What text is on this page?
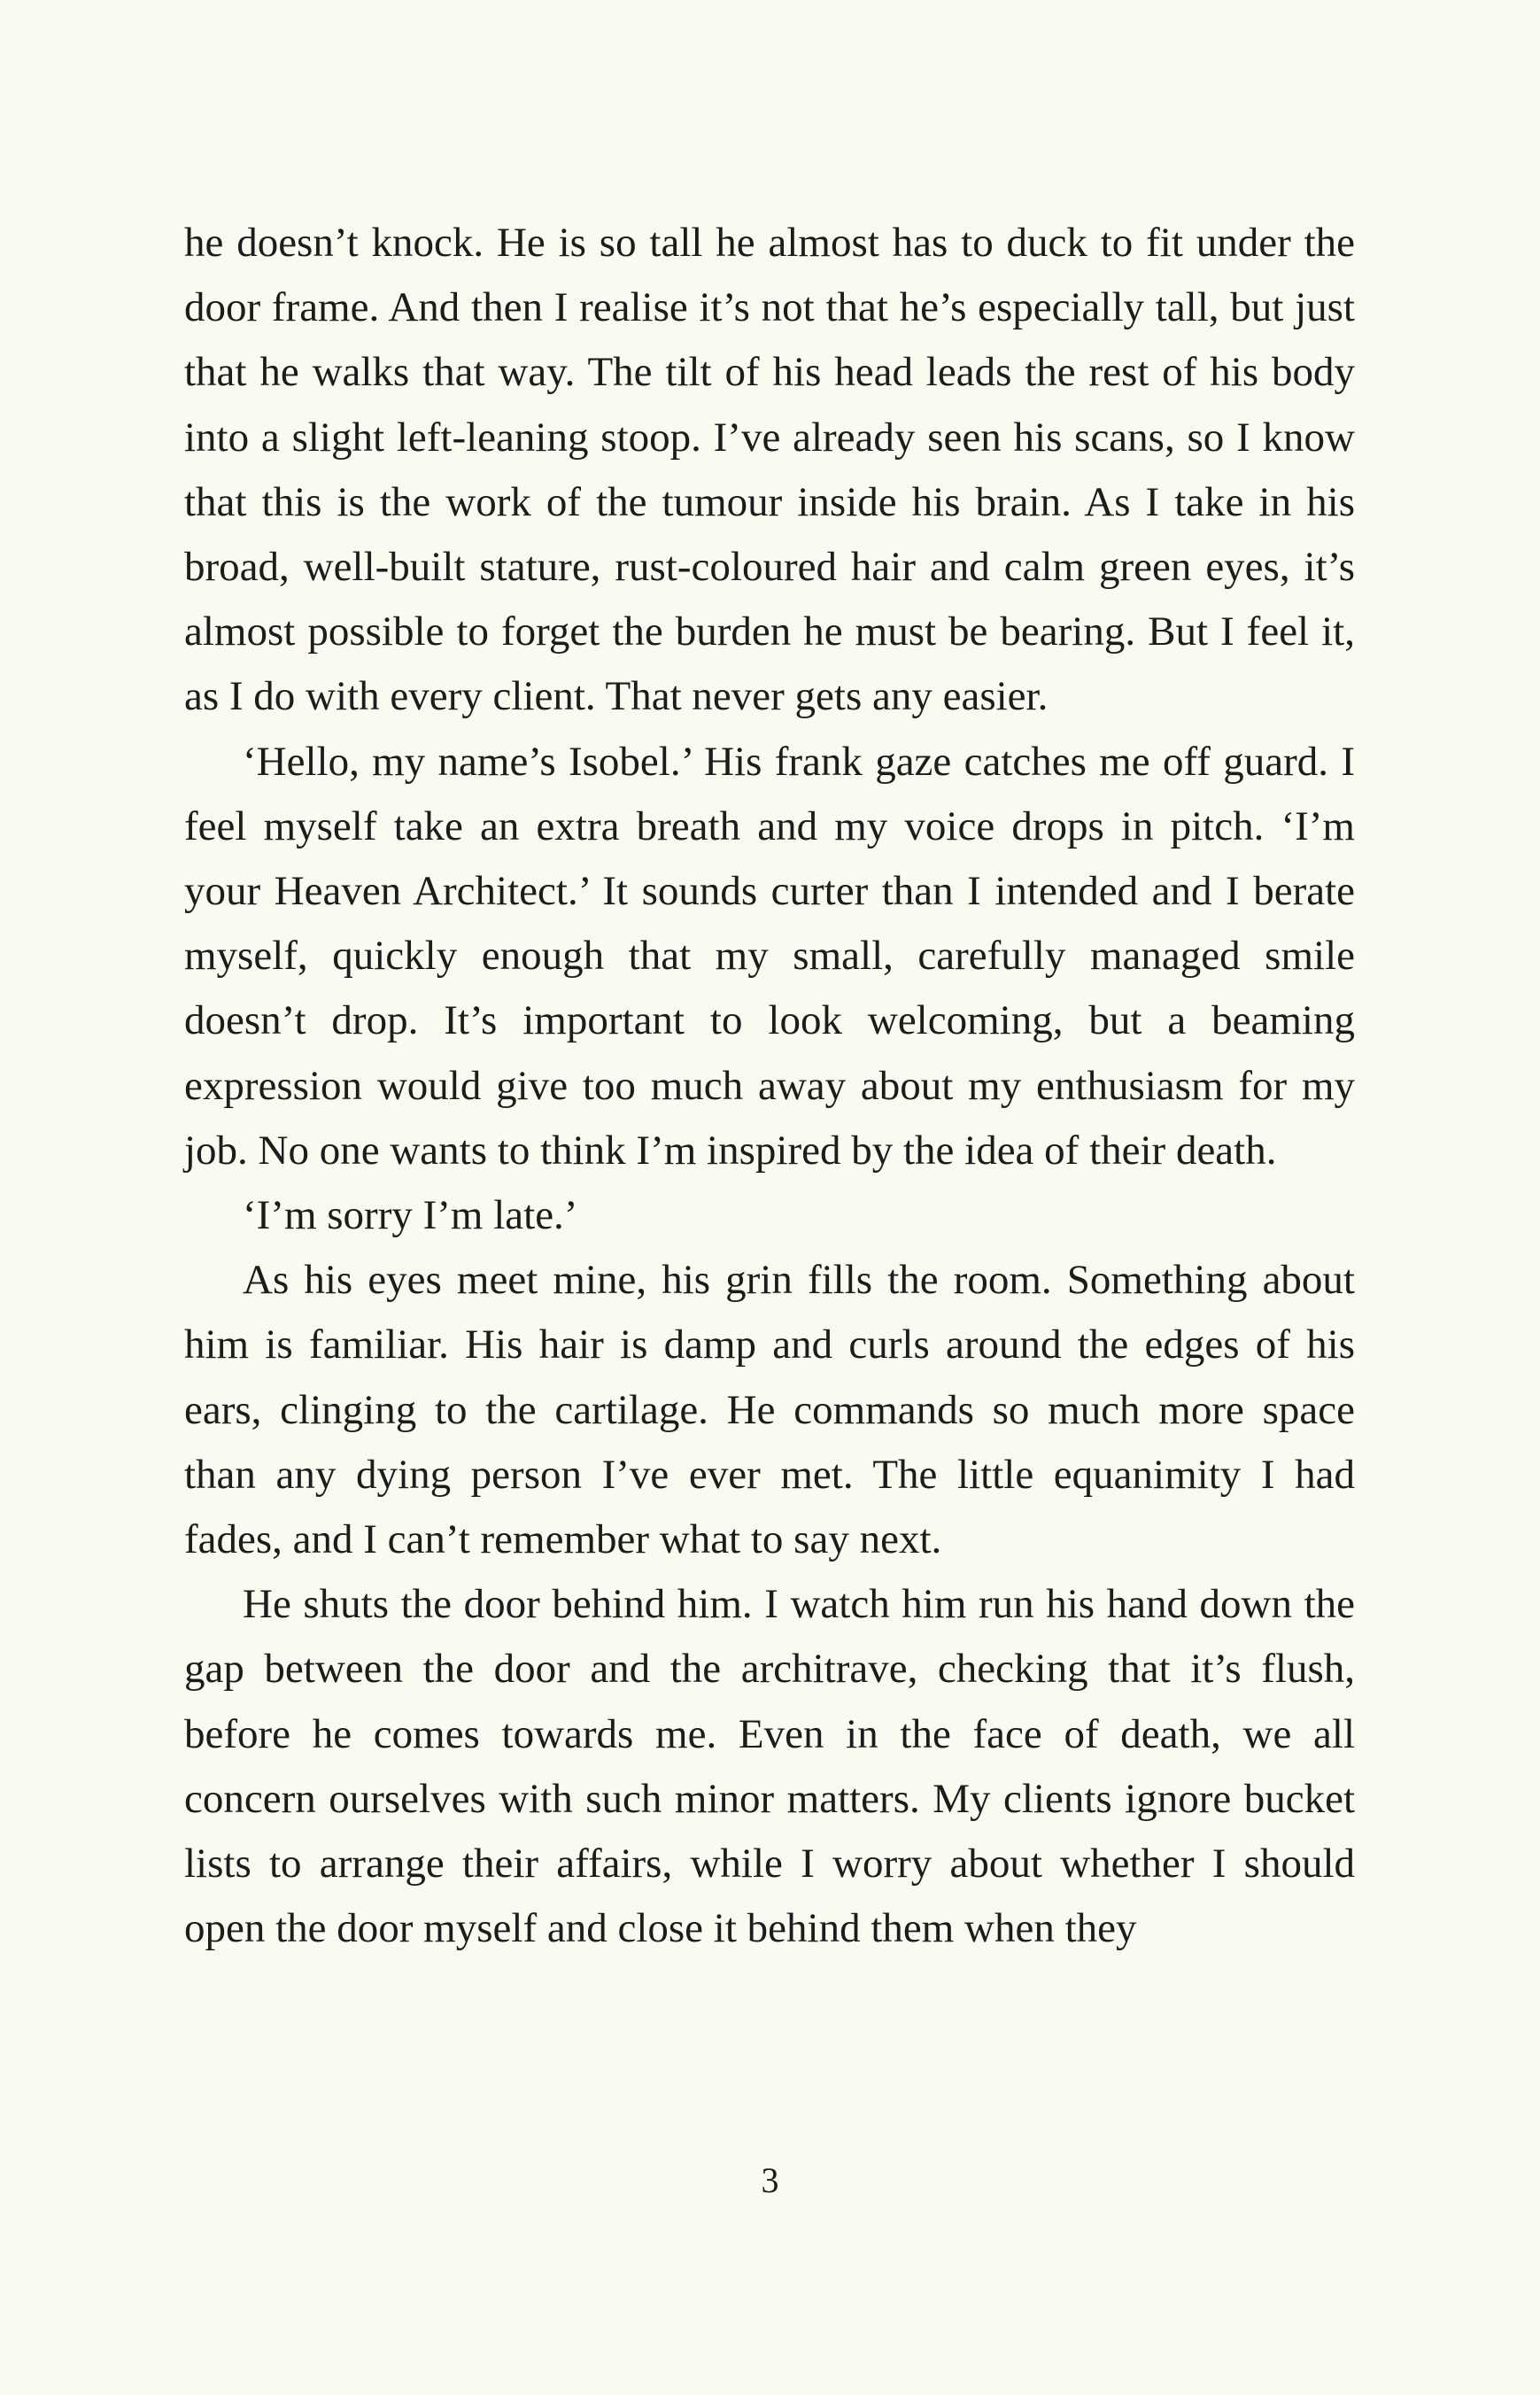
he doesn’t knock. He is so tall he almost has to duck to fit under the door frame. And then I realise it’s not that he’s especially tall, but just that he walks that way. The tilt of his head leads the rest of his body into a slight left-leaning stoop. I’ve already seen his scans, so I know that this is the work of the tumour inside his brain. As I take in his broad, well-built stature, rust-coloured hair and calm green eyes, it’s almost possible to forget the burden he must be bearing. But I feel it, as I do with every client. That never gets any easier.

‘Hello, my name’s Isobel.’ His frank gaze catches me off guard. I feel myself take an extra breath and my voice drops in pitch. ‘I’m your Heaven Architect.’ It sounds curter than I intended and I berate myself, quickly enough that my small, carefully managed smile doesn’t drop. It’s important to look welcoming, but a beaming expression would give too much away about my enthusiasm for my job. No one wants to think I’m inspired by the idea of their death.

‘I’m sorry I’m late.’

As his eyes meet mine, his grin fills the room. Something about him is familiar. His hair is damp and curls around the edges of his ears, clinging to the cartilage. He commands so much more space than any dying person I’ve ever met. The little equanimity I had fades, and I can’t remember what to say next.

He shuts the door behind him. I watch him run his hand down the gap between the door and the architrave, checking that it’s flush, before he comes towards me. Even in the face of death, we all concern ourselves with such minor matters. My clients ignore bucket lists to arrange their affairs, while I worry about whether I should open the door myself and close it behind them when they

3
